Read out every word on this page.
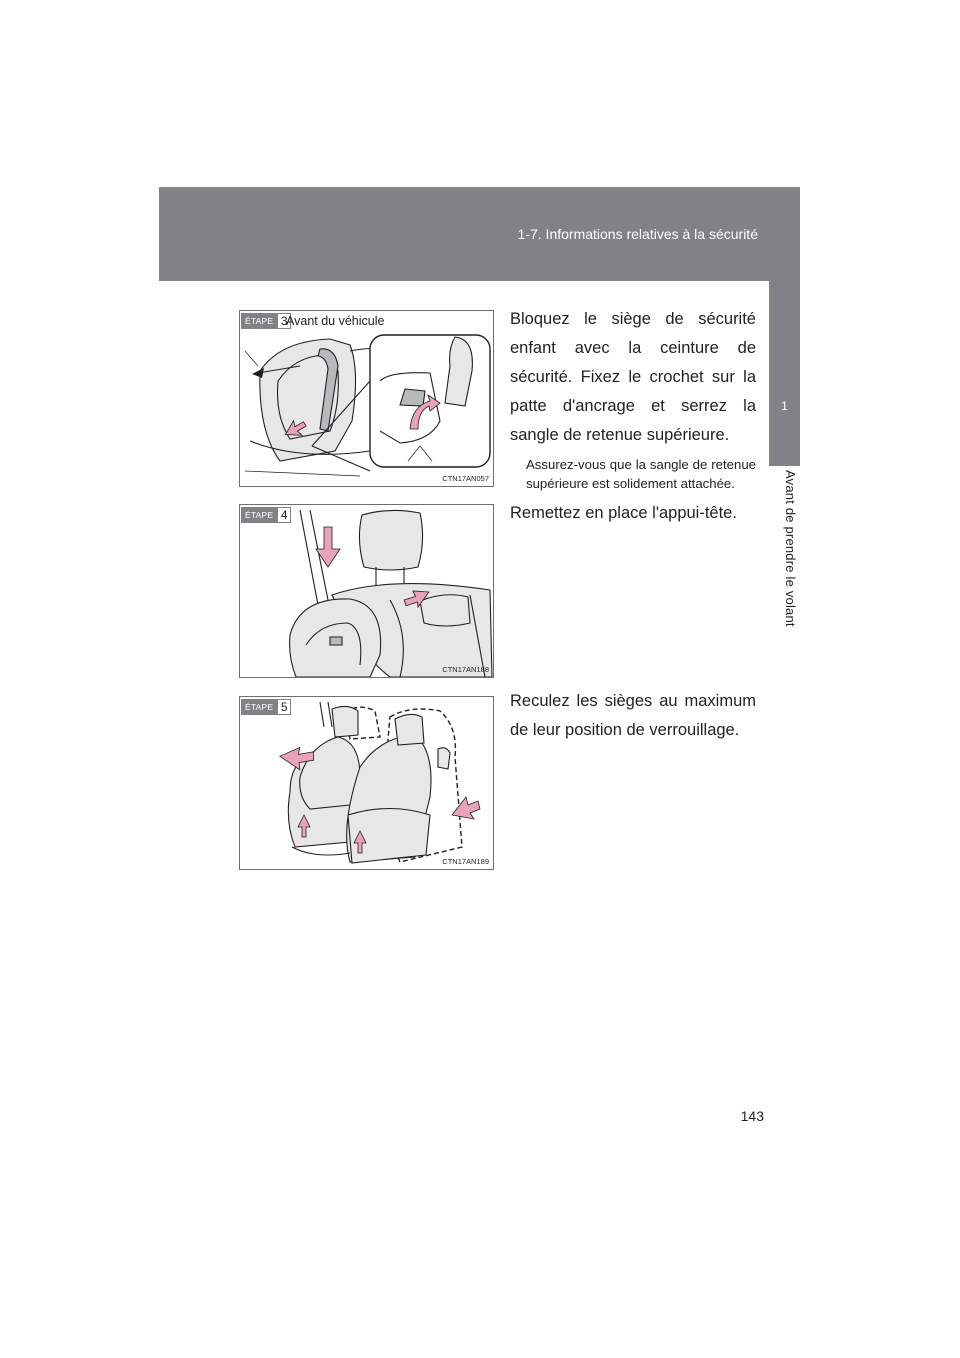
1-7. Informations relatives à la sécurité
1
Avant de prendre le volant
ÉTAPE 3
Avant du véhicule
CTN17AN057
Bloquez le siège de sécurité enfant avec la ceinture de sécurité. Fixez le crochet sur la patte d'ancrage et serrez la sangle de retenue supérieure.
Assurez-vous que la sangle de retenue supérieure est solidement attachée.
ÉTAPE 4
CTN17AN188
Remettez en place l'appui-tête.
ÉTAPE 5
CTN17AN189
Reculez les sièges au maximum de leur position de verrouillage.
143
